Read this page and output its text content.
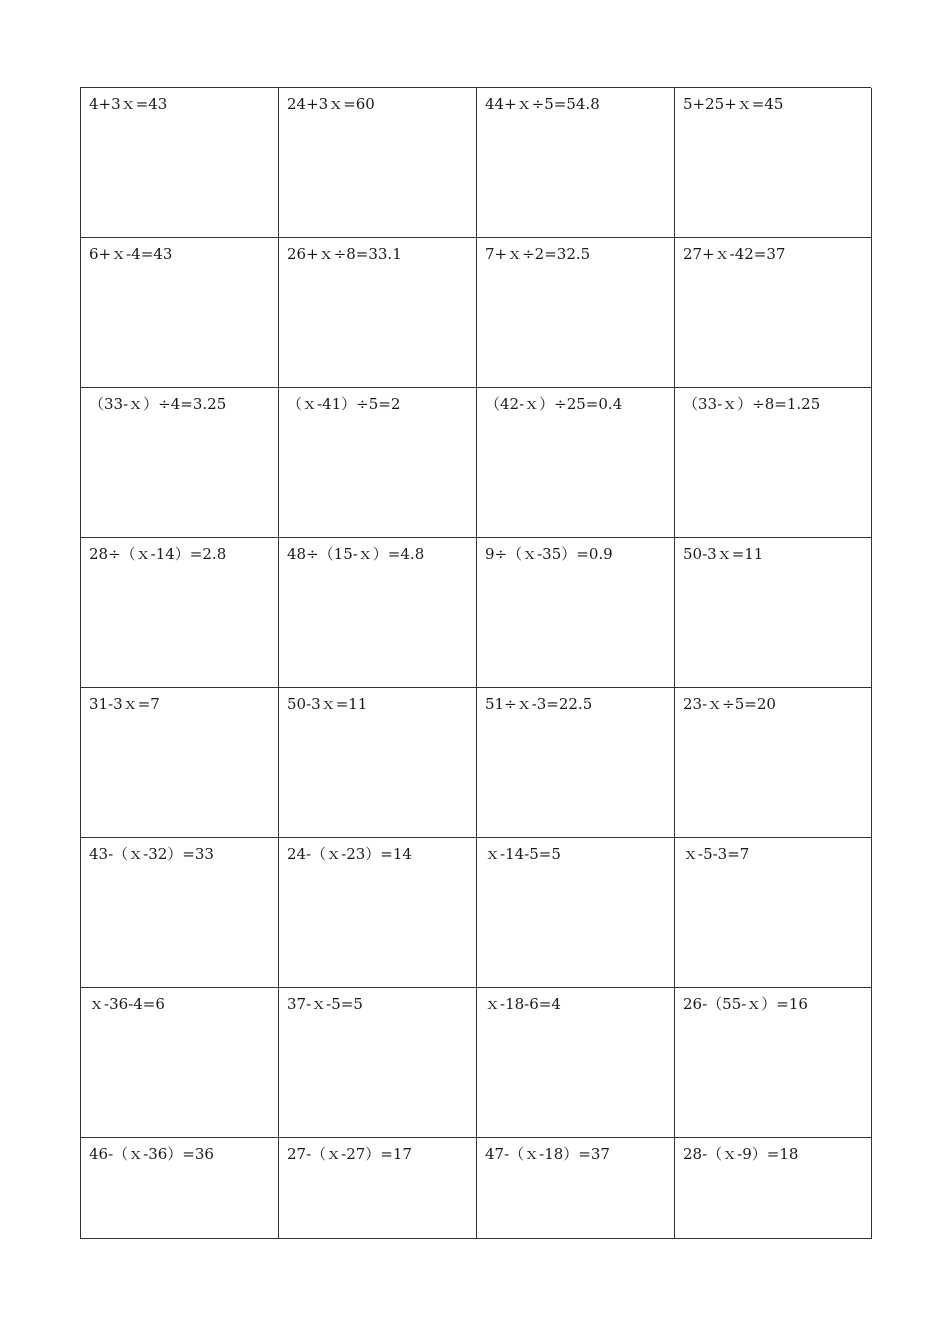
4+3ｘ=43	24+3ｘ=60	44+ｘ÷5=54.8	5+25+ｘ=45
6+ｘ-4=43	26+ｘ÷8=33.1	7+ｘ÷2=32.5	27+ｘ-42=37
（33-ｘ）÷4=3.25	（ｘ-41）÷5=2	（42-ｘ）÷25=0.4	（33-ｘ）÷8=1.25
28÷（ｘ-14）=2.8	48÷（15-ｘ）=4.8	9÷（ｘ-35）=0.9	50-3ｘ=11
31-3ｘ=7	50-3ｘ=11	51÷ｘ-3=22.5	23-ｘ÷5=20
43-（ｘ-32）=33	24-（ｘ-23）=14	ｘ-14-5=5	ｘ-5-3=7
ｘ-36-4=6	37-ｘ-5=5	ｘ-18-6=4	26-（55-ｘ）=16
46-（ｘ-36）=36	27-（ｘ-27）=17	47-（ｘ-18）=37	28-（ｘ-9）=18
